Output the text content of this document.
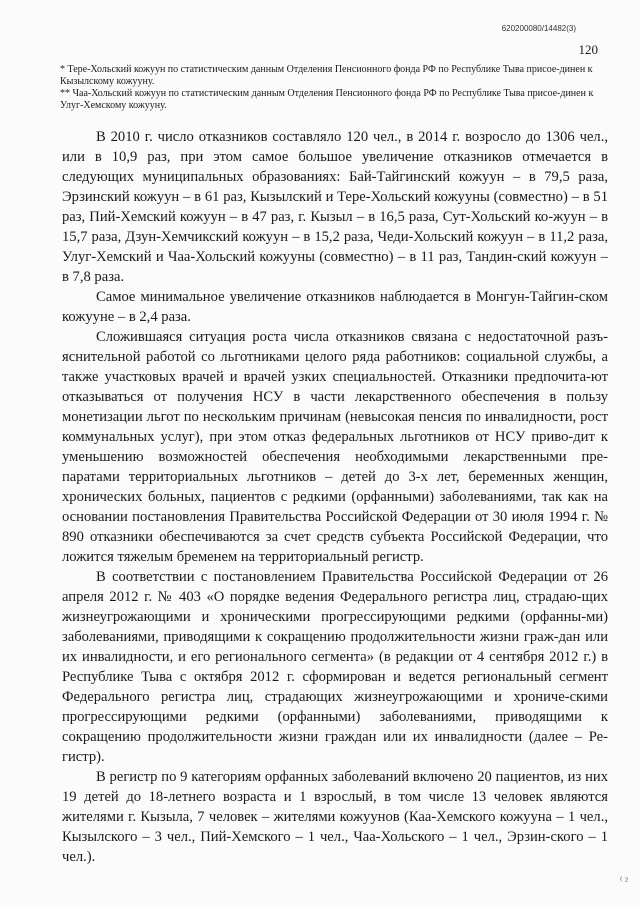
620200080/14482(3)
120

* Тере-Хольский кожуун по статистическим данным Отделения Пенсионного фонда РФ по Республике Тыва присое-динен к Кызылскому кожууну.

** Чаа-Хольский кожуун по статистическим данным Отделения Пенсионного фонда РФ по Республике Тыва присое-динен к Улуг-Хемскому кожууну.

В 2010 г. число отказников составляло 120 чел., в 2014 г. возросло до 1306 чел., или в 10,9 раз, при этом самое большое увеличение отказников отмечается в следующих муниципальных образованиях: Бай-Тайгинский кожуун – в 79,5 раза, Эрзинский кожуун – в 61 раз, Кызылский и Тере-Хольский кожууны (совместно) – в 51 раз, Пий-Хемский кожуун – в 47 раз, г. Кызыл – в 16,5 раза, Сут-Хольский ко-жуун – в 15,7 раза, Дзун-Хемчикский кожуун – в 15,2 раза, Чеди-Хольский кожуун – в 11,2 раза, Улуг-Хемский и Чаа-Хольский кожууны (совместно) – в 11 раз, Тандин-ский кожуун – в 7,8 раза.

Самое минимальное увеличение отказников наблюдается в Монгун-Тайгин-ском кожууне – в 2,4 раза.

Сложившаяся ситуация роста числа отказников связана с недостаточной разъ-яснительной работой со льготниками целого ряда работников: социальной службы, а также участковых врачей и врачей узких специальностей. Отказники предпочита-ют отказываться от получения НСУ в части лекарственного обеспечения в пользу монетизации льгот по нескольким причинам (невысокая пенсия по инвалидности, рост коммунальных услуг), при этом отказ федеральных льготников от НСУ приво-дит к уменьшению возможностей обеспечения необходимыми лекарственными пре-паратами территориальных льготников – детей до 3-х лет, беременных женщин, хронических больных, пациентов с редкими (орфанными) заболеваниями, так как на основании постановления Правительства Российской Федерации от 30 июля 1994 г. № 890 отказники обеспечиваются за счет средств субъекта Российской Федерации, что ложится тяжелым бременем на территориальный регистр.

В соответствии с постановлением Правительства Российской Федерации от 26 апреля 2012 г. № 403 «О порядке ведения Федерального регистра лиц, страдаю-щих жизнеугрожающими и хроническими прогрессирующими редкими (орфанны-ми) заболеваниями, приводящими к сокращению продолжительности жизни граж-дан или их инвалидности, и его регионального сегмента» (в редакции от 4 сентября 2012 г.) в Республике Тыва с октября 2012 г. сформирован и ведется региональный сегмент Федерального регистра лиц, страдающих жизнеугрожающими и хрониче-скими прогрессирующими редкими (орфанными) заболеваниями, приводящими к сокращению продолжительности жизни граждан или их инвалидности (далее – Ре-гистр).

В регистр по 9 категориям орфанных заболеваний включено 20 пациентов, из них 19 детей до 18-летнего возраста и 1 взрослый, в том числе 13 человек являются жителями г. Кызыла, 7 человек – жителями кожуунов (Каа-Хемского кожууна – 1 чел., Кызылского – 3 чел., Пий-Хемского – 1 чел., Чаа-Хольского – 1 чел., Эрзин-ского – 1 чел.).

⁽ ²
